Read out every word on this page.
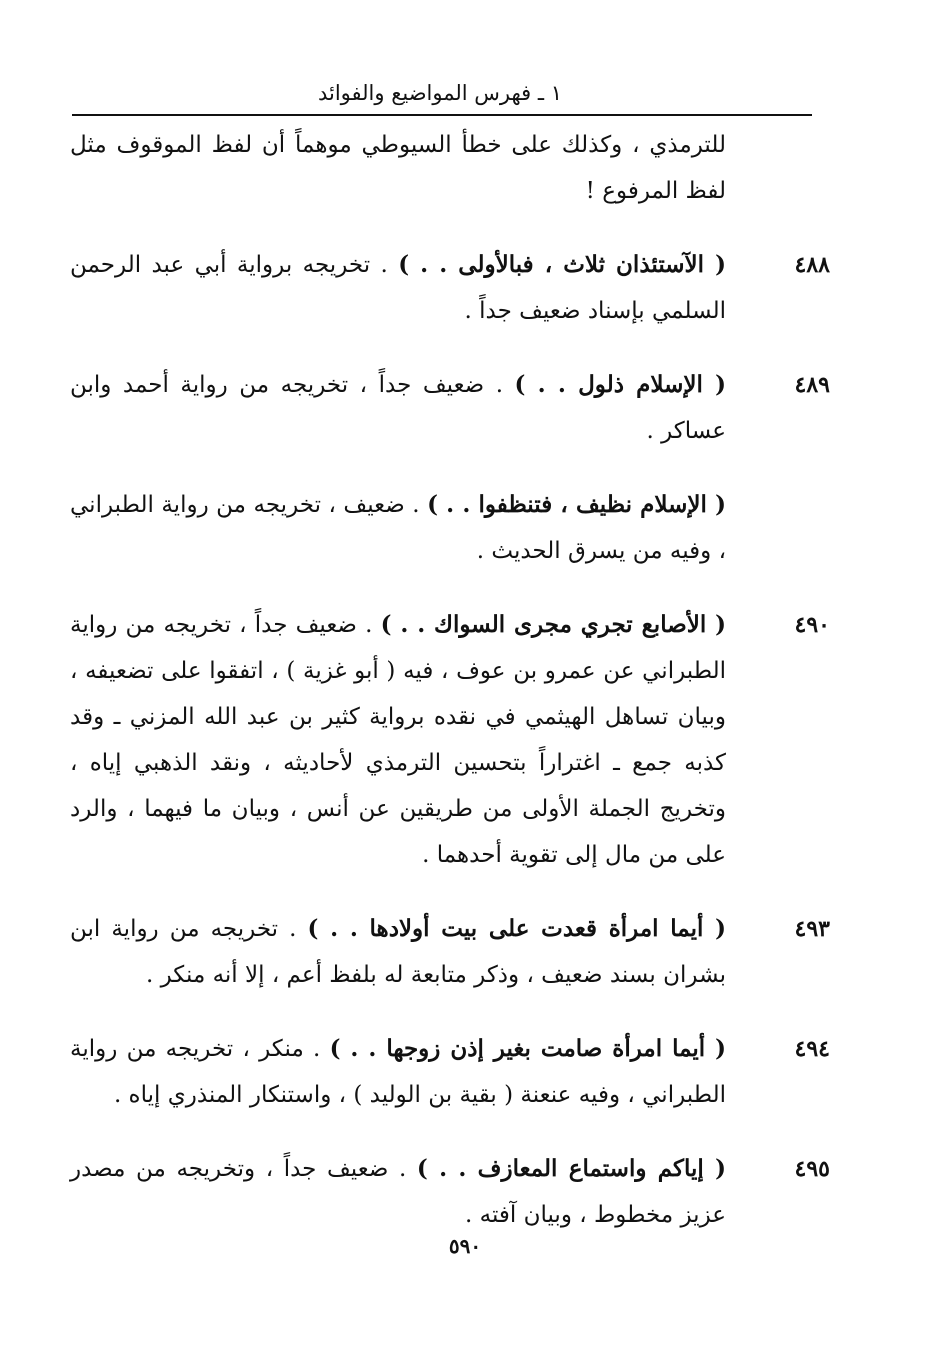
١ ـ فهرس المواضيع والفوائد
للترمذي ، وكذلك على خطأ السيوطي موهماً أن لفظ الموقوف مثل لفظ المرفوع !
٤٨٨
( الآستئذان ثلاث ، فبالأولى . . ) . تخريجه برواية أبي عبد الرحمن السلمي بإسناد ضعيف جداً .
٤٨٩
( الإسلام ذلول . . ) . ضعيف جداً ، تخريجه من رواية أحمد وابن عساكر .
( الإسلام نظيف ، فتنظفوا . . ) . ضعيف ، تخريجه من رواية الطبراني ، وفيه من يسرق الحديث .
٤٩٠
( الأصابع تجري مجرى السواك . . ) . ضعيف جداً ، تخريجه من رواية الطبراني عن عمرو بن عوف ، فيه ( أبو غزية ) ، اتفقوا على تضعيفه ، وبيان تساهل الهيثمي في نقده برواية كثير بن عبد الله المزني ـ وقد كذبه جمع ـ اغتراراً بتحسين الترمذي لأحاديثه ، ونقد الذهبي إياه ، وتخريج الجملة الأولى من طريقين عن أنس ، وبيان ما فيهما ، والرد على من مال إلى تقوية أحدهما .
٤٩٣
( أيما امرأة قعدت على بيت أولادها . . ) . تخريجه من رواية ابن بشران بسند ضعيف ، وذكر متابعة له بلفظ أعم ، إلا أنه منكر .
٤٩٤
( أيما امرأة صامت بغير إذن زوجها . . ) . منكر ، تخريجه من رواية الطبراني ، وفيه عنعنة ( بقية بن الوليد ) ، واستنكار المنذري إياه .
٤٩٥
( إياكم واستماع المعازف . . ) . ضعيف جداً ، وتخريجه من مصدر عزيز مخطوط ، وبيان آفته .
٥٩٠
